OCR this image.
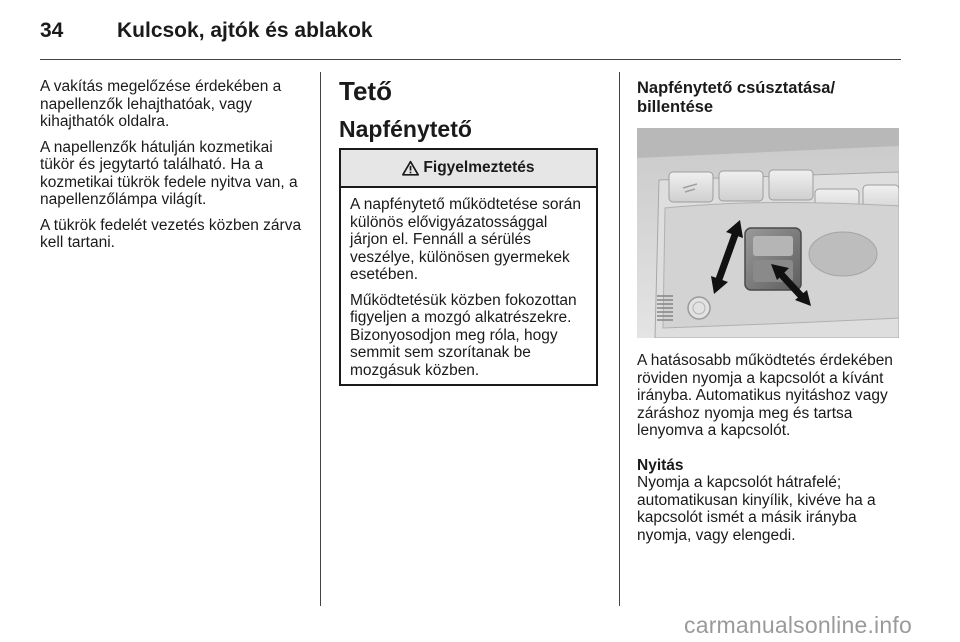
34	Kulcsok, ajtók és ablakok

A vakítás megelőzése érdekében a napellenzők lehajthatóak, vagy kihajthatók oldalra.

A napellenzők hátulján kozmetikai tükör és jegytartó található. Ha a kozmetikai tükrök fedele nyitva van, a napellenzőlámpa világít.

A tükrök fedelét vezetés közben zárva kell tartani.

Tető
Napfénytető
Figyelmeztetés

A napfénytető működtetése során különös elővigyázatossággal járjon el. Fennáll a sérülés veszélye, különösen gyermekek esetében.

Működtetésük közben fokozottan figyeljen a mozgó alkatrészekre. Bizonyosodjon meg róla, hogy semmit sem szorítanak be mozgásuk közben.

Napfénytető csúsztatása/ billentése

A hatásosabb működtetés érdekében röviden nyomja a kapcsolót a kívánt irányba. Automatikus nyitáshoz vagy záráshoz nyomja meg és tartsa lenyomva a kapcsolót.

Nyitás
Nyomja a kapcsolót hátrafelé; automatikusan kinyílik, kivéve ha a kapcsolót ismét a másik irányba nyomja, vagy elengedi.
carmanualsonline.info
